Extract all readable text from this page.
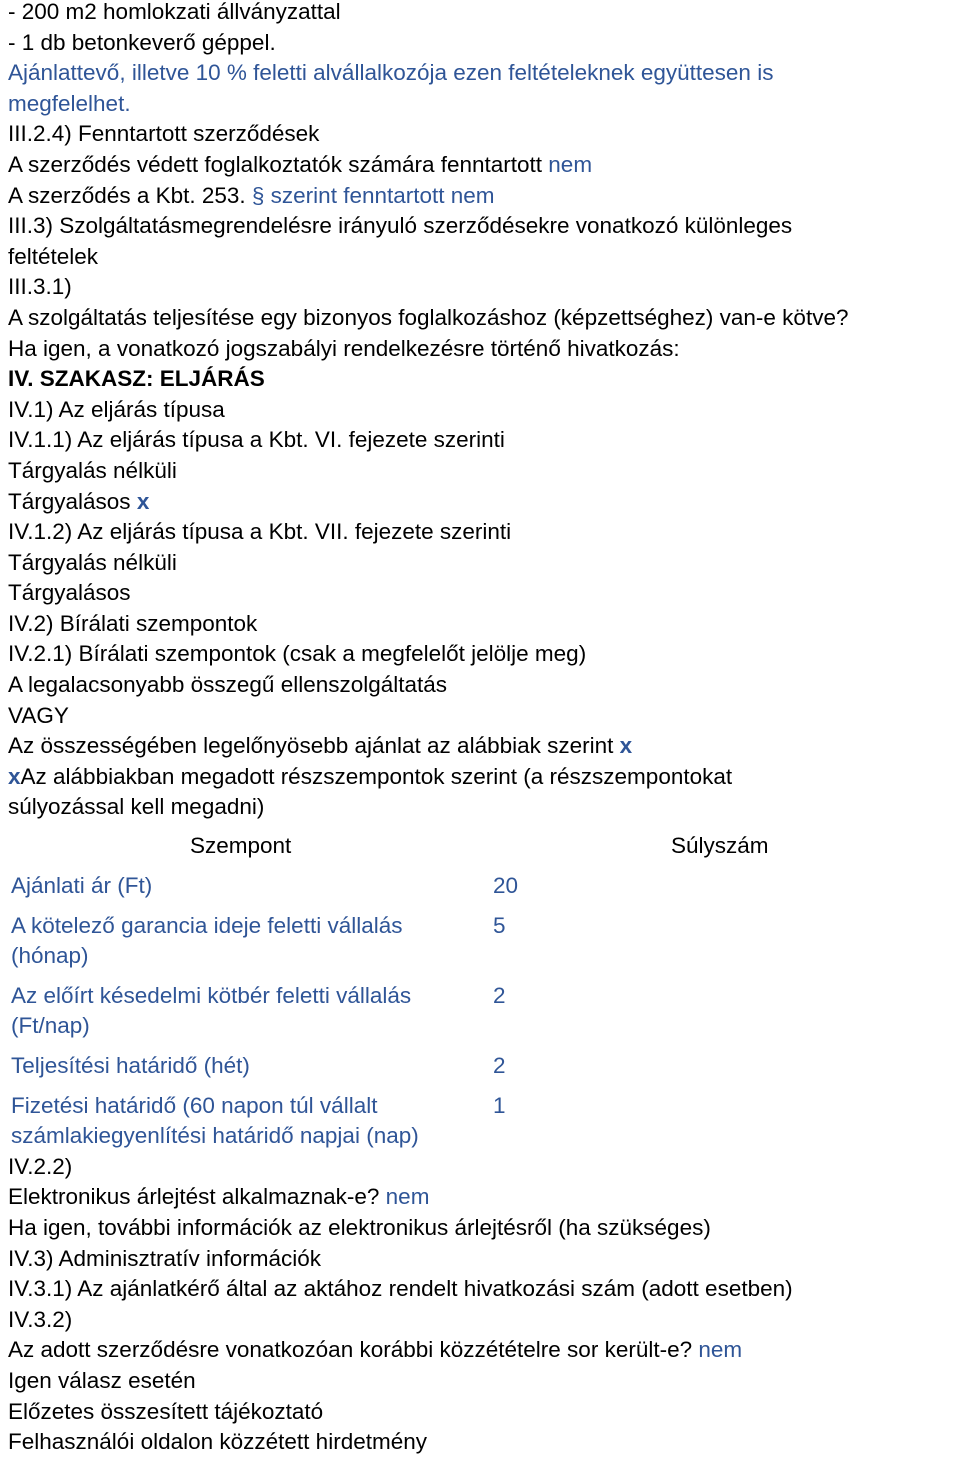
- 200 m2 homlokzati állványzattal
- 1 db betonkeverő géppel.
Ajánlattevő, illetve 10 % feletti alvállalkozója ezen feltételeknek együttesen is
megfelelhet.
III.2.4) Fenntartott szerződések
A szerződés védett foglalkoztatók számára fenntartott nem
A szerződés a Kbt. 253. § szerint fenntartott nem
III.3) Szolgáltatásmegrendelésre irányuló szerződésekre vonatkozó különleges
feltételek
III.3.1)
A szolgáltatás teljesítése egy bizonyos foglalkozáshoz (képzettséghez) van-e kötve?
Ha igen, a vonatkozó jogszabályi rendelkezésre történő hivatkozás:
IV. SZAKASZ: ELJÁRÁS
IV.1) Az eljárás típusa
IV.1.1) Az eljárás típusa a Kbt. VI. fejezete szerinti
Tárgyalás nélküli
Tárgyalásos x
IV.1.2) Az eljárás típusa a Kbt. VII. fejezete szerinti
Tárgyalás nélküli
Tárgyalásos
IV.2) Bírálati szempontok
IV.2.1) Bírálati szempontok (csak a megfelelőt jelölje meg)
A legalacsonyabb összegű ellenszolgáltatás
VAGY
Az összességében legelőnyösebb ajánlat az alábbiak szerint x
xAz alábbiakban megadott részszempontok szerint (a részszempontokat
súlyozással kell megadni)
Szempont	Súlyszám
Ajánlati ár (Ft)	20
A kötelező garancia ideje feletti vállalás
(hónap)
5
Az előírt késedelmi kötbér feletti vállalás
(Ft/nap)
2
Teljesítési határidő (hét)	2
Fizetési határidő (60 napon túl vállalt
számlakiegyenlítési határidő napjai (nap)
1
IV.2.2)
Elektronikus árlejtést alkalmaznak-e? nem
Ha igen, további információk az elektronikus árlejtésről (ha szükséges)
IV.3) Adminisztratív információk
IV.3.1) Az ajánlatkérő által az aktához rendelt hivatkozási szám (adott esetben)
IV.3.2)
Az adott szerződésre vonatkozóan korábbi közzétételre sor került-e? nem
Igen válasz esetén
Előzetes összesített tájékoztató
Felhasználói oldalon közzétett hirdetmény
